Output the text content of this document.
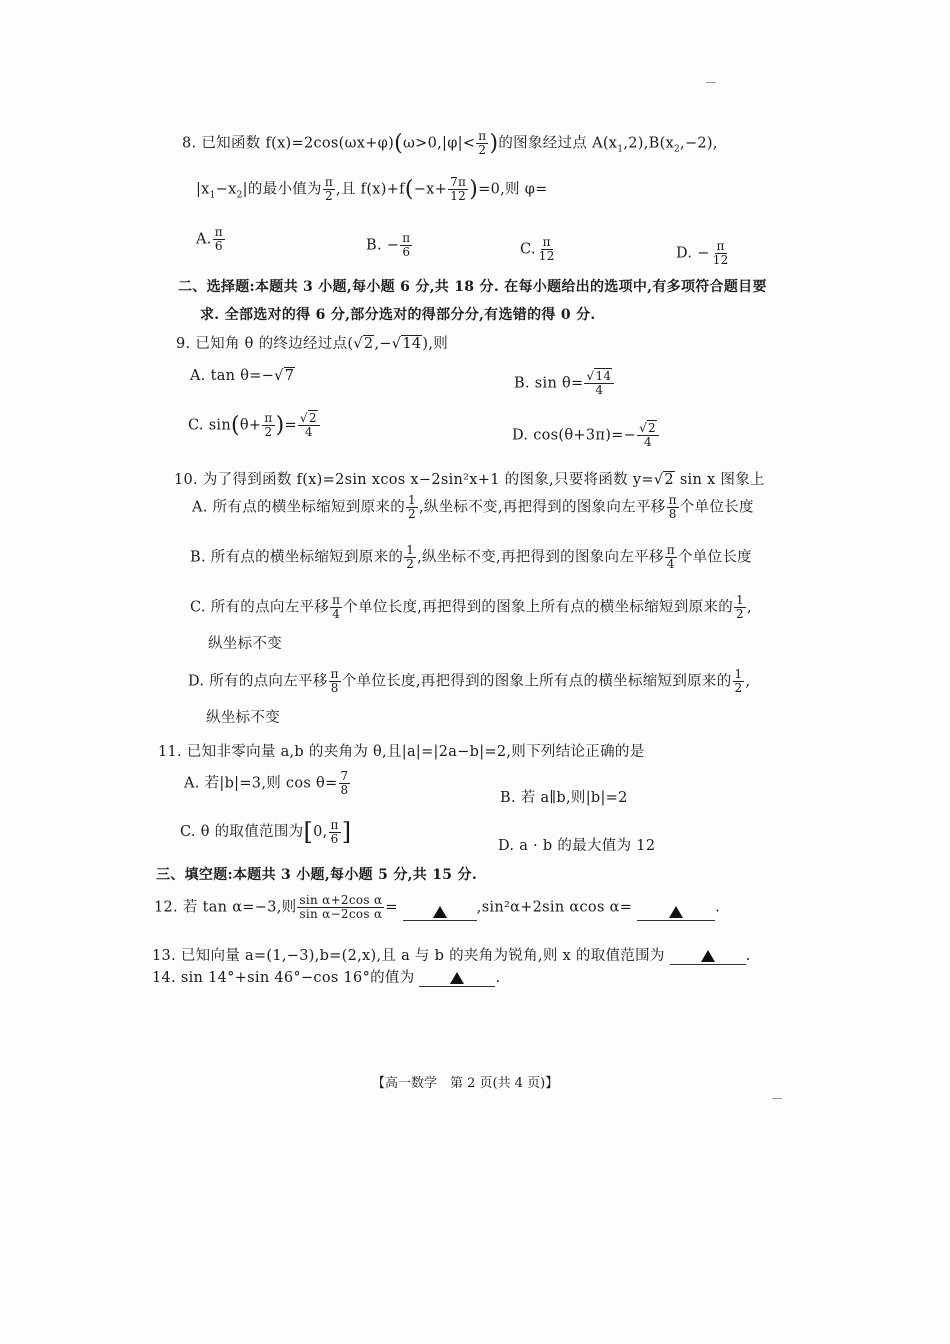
8. 已知函数 $f(x)=2\cos(\omega x+\varphi)(\omega>0,|\varphi|< \frac{\pi}{2}$ )的图象经过点 $A(x_1,2),B(x_2,-2)$,
$|x_1-x_2|$的最小值为 $\frac{\pi}{2}$ ,且 $f(x)+f(-x+ \frac{7\pi}{12} )=0$,则 φ=
A. $\frac{\pi}{6}$	B. − $\frac{\pi}{6}$	C. $\frac{\pi}{12}$	D. − $\frac{\pi}{12}$
二、选择题:本题共 3 小题,每小题 6 分,共 18 分. 在每小题给出的选项中,有多项符合题目要
求. 全部选对的得 6 分,部分选对的得部分分,有选错的得 0 分.
9. 已知角 θ 的终边经过点(√2,−√14),则
A. tan θ=−√7	B. $\sin \theta= \frac{√14}{4}$
C. $\sin(\theta+ \frac{\pi}{2}$ )= $\frac{√2}{4}$	D. $\cos(\theta+3\pi)=- \frac{√2}{4}$
10. 为了得到函数 f(x)=2sin xcos x−2sin²x+1 的图象,只要将函数 y=√2 sin x 图象上
A. 所有点的横坐标缩短到原来的 $\frac{1}{2}$ ,纵坐标不变,再把得到的图象向左平移 $\frac{\pi}{8}$ 个单位长度
B. 所有点的横坐标缩短到原来的 $\frac{1}{2}$ ,纵坐标不变,再把得到的图象向左平移 $\frac{\pi}{4}$ 个单位长度
C. 所有的点向左平移 $\frac{\pi}{4}$ 个单位长度,再把得到的图象上所有点的横坐标缩短到原来的 $\frac{1}{2}$ ,
纵坐标不变
D. 所有的点向左平移 $\frac{\pi}{8}$ 个单位长度,再把得到的图象上所有点的横坐标缩短到原来的 $\frac{1}{2}$ ,
纵坐标不变
11. 已知非零向量 a,b 的夹角为 θ,且|a|=|2a−b|=2,则下列结论正确的是
A. 若|b|=3,则 $\cos \theta= \frac{7}{8}$
B. 若 a∥b,则|b|=2
C. θ 的取值范围为[0, $\frac{\pi}{6}$ ]	D. a · b 的最大值为 12
三、填空题:本题共 3 小题,每小题 5 分,共 15 分.
12. 若 tan α=−3,则 $\frac{\text{sin α+2cos α}}{\text{sin α−2cos α}}$ =	,sin²α+2sin αcos α=	.
13. 已知向量 a=(1,−3),b=(2,x),且 a 与 b 的夹角为锐角,则 x 的取值范围为	.
14. sin 14°+sin 46°−cos 16°的值为	.
【高一数学　第 2 页(共 4 页)】
